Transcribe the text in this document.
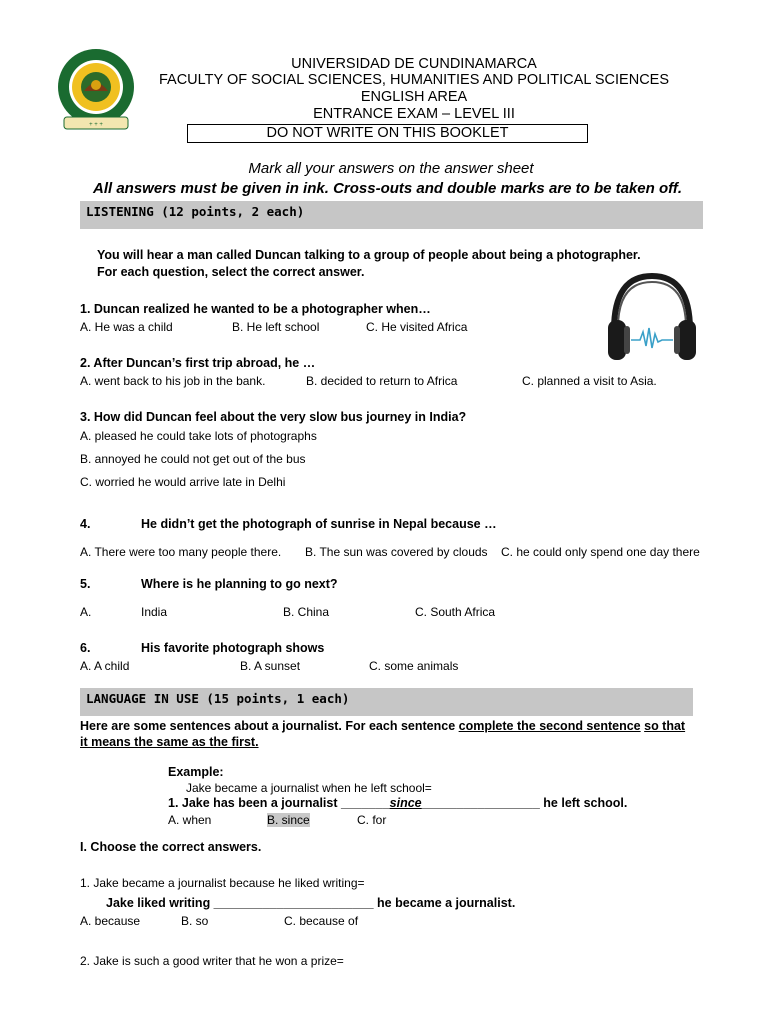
+ + +
UNIVERSIDAD DE CUNDINAMARCA
FACULTY OF SOCIAL SCIENCES, HUMANITIES AND POLITICAL SCIENCES
ENGLISH AREA
ENTRANCE EXAM – LEVEL III
DO NOT WRITE ON THIS BOOKLET
Mark all your answers on the answer sheet
All answers must be given in ink. Cross-outs and double marks are to be taken off.
LISTENING (12 points, 2 each)
You will hear a man called Duncan talking to a group of people about being a photographer.
For each question, select the correct answer.
1. Duncan realized he wanted to be a photographer when…
A. He was a child	B. He left school	C. He visited Africa
2. After Duncan’s first trip abroad, he …
A. went back to his job in the bank.	B. decided to return to Africa	C. planned a visit to Asia.
3. How did Duncan feel about the very slow bus journey in India?
A. pleased he could take lots of photographs
B. annoyed he could not get out of the bus
C. worried he would arrive late in Delhi
4.	He didn’t get the photograph of sunrise in Nepal because …
A. There were too many people there. B. The sun was covered by clouds C. he could only spend one day there
5.	Where is he planning to go next?
A.	India	B. China	C. South Africa
6.	His favorite photograph shows
A. A child	B. A sunset	C. some animals
LANGUAGE IN USE (15 points, 1 each)
Here are some sentences about a journalist. For each sentence complete the second sentence so that
it means the same as the first.
Example:
Jake became a journalist when he left school=
1. Jake has been a journalist _______since_________________ he left school.
A. when	B. since	C. for
I. Choose the correct answers.
1. Jake became a journalist because he liked writing=
Jake liked writing _______________________ he became a journalist.
A. because	B. so	C. because of
2. Jake is such a good writer that he won a prize=
